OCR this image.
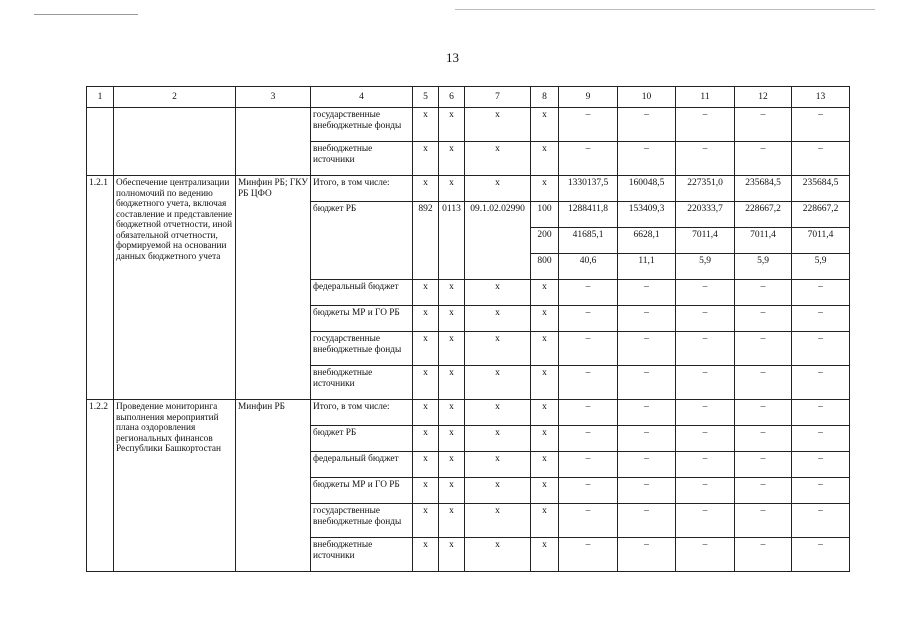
13
1	2	3	4	5	6	7	8	9	10	11	12	13
			государственные внебюджетные фонды	x	x	x	x	–	–	–	–	–
			внебюджетные источники	x	x	x	x	–	–	–	–	–
1.2.1	Обеспечение централизации полномочий по ведению бюджетного учета, включая составление и представление бюджетной отчетности, иной обязательной отчетности, формируемой на основании данных бюджетного учета	Минфин РБ; ГКУ РБ ЦФО	Итого, в том числе:	x	x	x	x	1330137,5	160048,5	227351,0	235684,5	235684,5
			бюджет РБ	892	0113	09.1.02.02990	100	1288411,8	153409,3	220333,7	228667,2	228667,2
							200	41685,1	6628,1	7011,4	7011,4	7011,4
							800	40,6	11,1	5,9	5,9	5,9
			федеральный бюджет	x	x	x	x	–	–	–	–	–
			бюджеты МР и ГО РБ	x	x	x	x	–	–	–	–	–
			государственные внебюджетные фонды	x	x	x	x	–	–	–	–	–
			внебюджетные источники	x	x	x	x	–	–	–	–	–
1.2.2	Проведение мониторинга выполнения мероприятий плана оздоровления региональных финансов Республики Башкортостан	Минфин РБ	Итого, в том числе:	x	x	x	x	–	–	–	–	–
			бюджет РБ	x	x	x	x	–	–	–	–	–
			федеральный бюджет	x	x	x	x	–	–	–	–	–
			бюджеты МР и ГО РБ	x	x	x	x	–	–	–	–	–
			государственные внебюджетные фонды	x	x	x	x	–	–	–	–	–
			внебюджетные источники	x	x	x	x	–	–	–	–	–
